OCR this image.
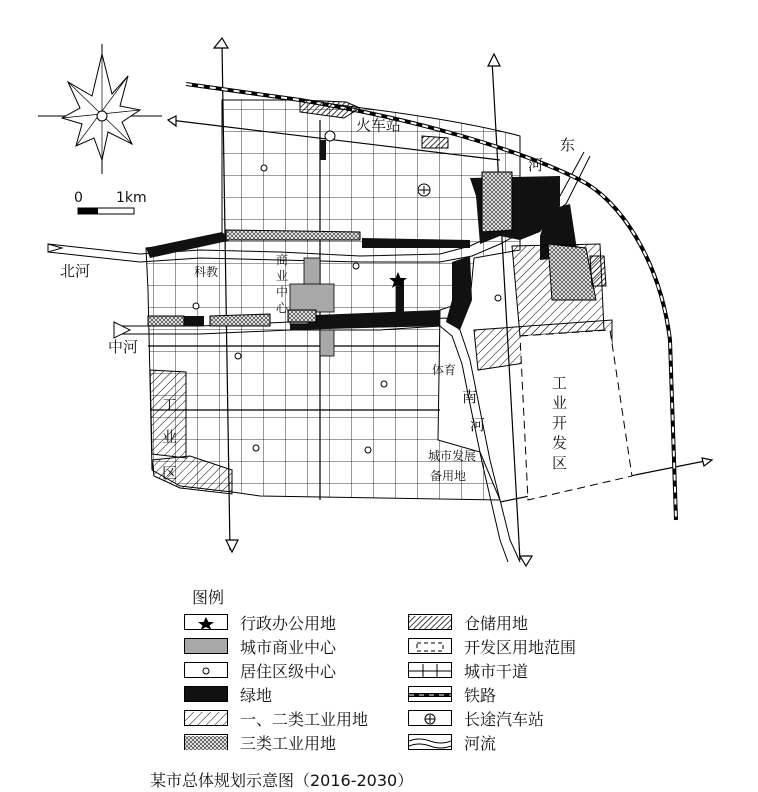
0 1km
火车站
东
河
北河
中河
科教
商
业
中
心
体育
南
河
工
业
区
城市发展
备用地
工
业
开
发
区
图例
行政办公用地	仓储用地
城市商业中心	开发区用地范围
居住区级中心	城市干道
绿地	铁路
一、二类工业用地	长途汽车站
三类工业用地	河流
某市总体规划示意图（2016-2030）
